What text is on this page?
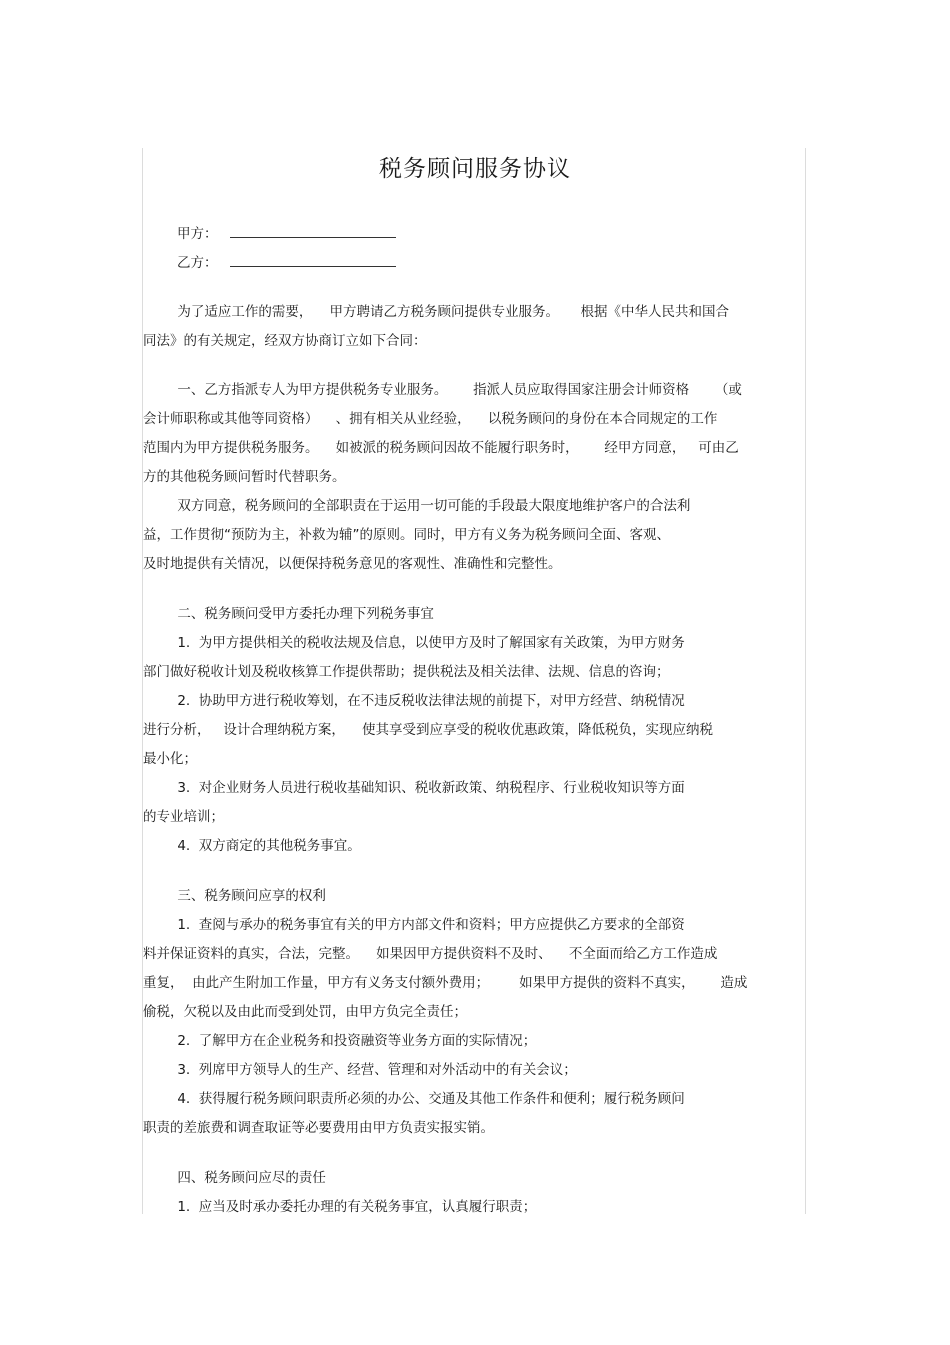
税务顾问服务协议
甲方：
乙方：
为了适应工作的需要，    甲方聘请乙方税务顾问提供专业服务。     根据《中华人民共和国合
同法》的有关规定，经双方协商订立如下合同：
一、乙方指派专人为甲方提供税务专业服务。      指派人员应取得国家注册会计师资格      （或
会计师职称或其他等同资格）    、拥有相关从业经验，    以税务顾问的身份在本合同规定的工作
范围内为甲方提供税务服务。    如被派的税务顾问因故不能履行职务时，      经甲方同意，   可由乙
方的其他税务顾问暂时代替职务。
双方同意，税务顾问的全部职责在于运用一切可能的手段最大限度地维护客户的合法利
益，工作贯彻“预防为主，补救为辅”的原则。同时，甲方有义务为税务顾问全面、客观、
及时地提供有关情况，以便保持税务意见的客观性、准确性和完整性。
二、税务顾问受甲方委托办理下列税务事宜
1.  为甲方提供相关的税收法规及信息，以使甲方及时了解国家有关政策，为甲方财务
部门做好税收计划及税收核算工作提供帮助；提供税法及相关法律、法规、信息的咨询；
2.  协助甲方进行税收筹划，在不违反税收法律法规的前提下，对甲方经营、纳税情况
进行分析，   设计合理纳税方案，    使其享受到应享受的税收优惠政策，降低税负，实现应纳税
最小化；
3.  对企业财务人员进行税收基础知识、税收新政策、纳税程序、行业税收知识等方面
的专业培训；
4.  双方商定的其他税务事宜。
三、税务顾问应享的权利
1.  查阅与承办的税务事宜有关的甲方内部文件和资料；甲方应提供乙方要求的全部资
料并保证资料的真实，合法，完整。    如果因甲方提供资料不及时、    不全面而给乙方工作造成
重复，  由此产生附加工作量，甲方有义务支付额外费用；       如果甲方提供的资料不真实，      造成
偷税，欠税以及由此而受到处罚，由甲方负完全责任；
2.  了解甲方在企业税务和投资融资等业务方面的实际情况；
3.  列席甲方领导人的生产、经营、管理和对外活动中的有关会议；
4.  获得履行税务顾问职责所必须的办公、交通及其他工作条件和便利；履行税务顾问
职责的差旅费和调查取证等必要费用由甲方负责实报实销。
四、税务顾问应尽的责任
1.  应当及时承办委托办理的有关税务事宜，认真履行职责；
